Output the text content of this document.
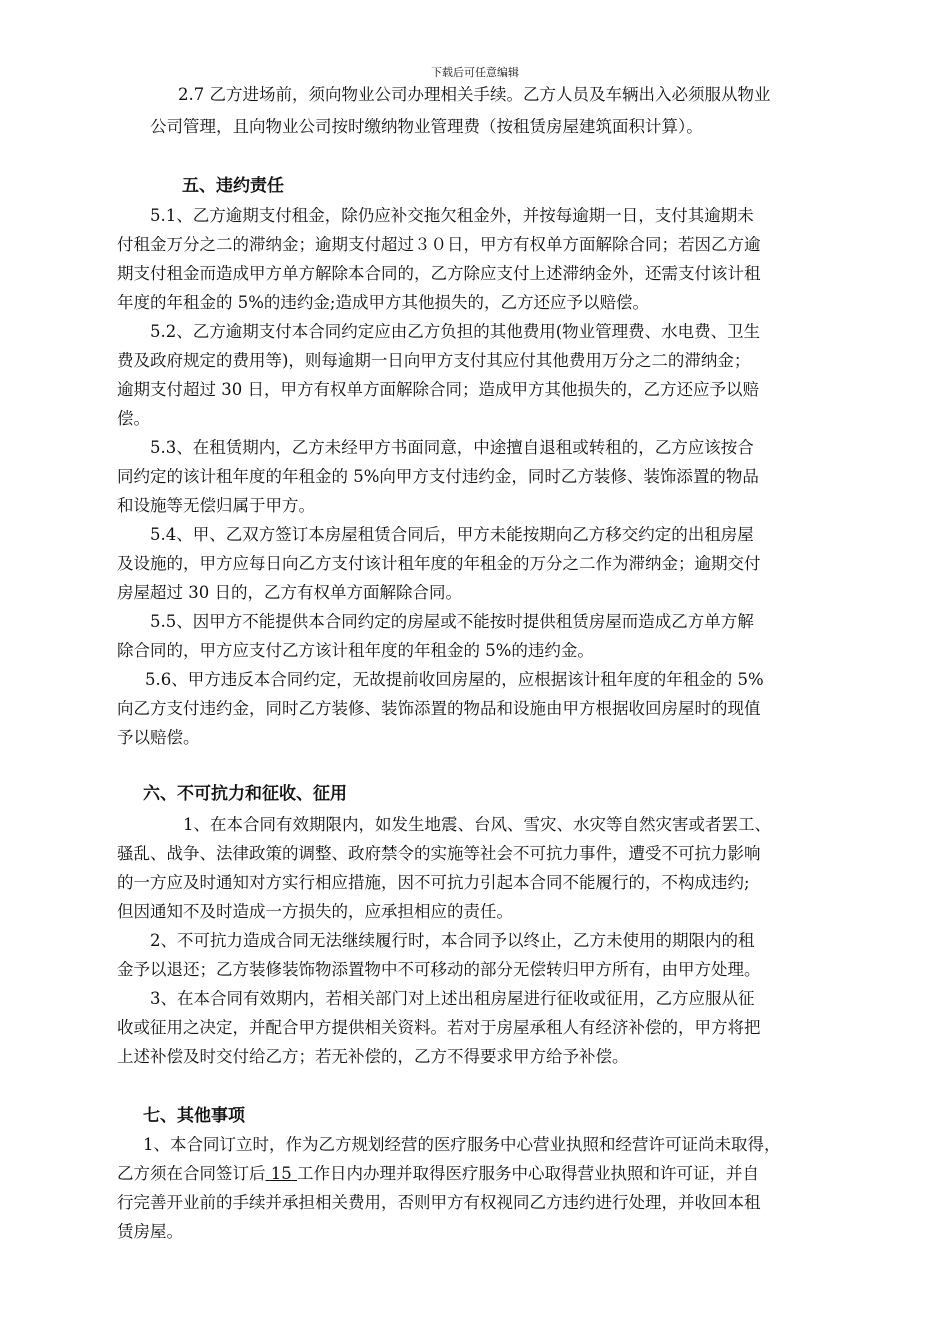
下载后可任意编辑
2.7 乙方进场前，须向物业公司办理相关手续。乙方人员及车辆出入必须服从物业
公司管理，且向物业公司按时缴纳物业管理费（按租赁房屋建筑面积计算）。
五、违约责任
5.1、乙方逾期支付租金，除仍应补交拖欠租金外，并按每逾期一日，支付其逾期未
付租金万分之二的滞纳金；逾期支付超过３０日，甲方有权单方面解除合同；若因乙方逾
期支付租金而造成甲方单方解除本合同的，乙方除应支付上述滞纳金外，还需支付该计租
年度的年租金的 5%的违约金;造成甲方其他损失的，乙方还应予以赔偿。
5.2、乙方逾期支付本合同约定应由乙方负担的其他费用(物业管理费、水电费、卫生
费及政府规定的费用等)，则每逾期一日向甲方支付其应付其他费用万分之二的滞纳金；
逾期支付超过 30 日，甲方有权单方面解除合同；造成甲方其他损失的，乙方还应予以赔
偿。
5.3、在租赁期内，乙方未经甲方书面同意，中途擅自退租或转租的，乙方应该按合
同约定的该计租年度的年租金的 5%向甲方支付违约金，同时乙方装修、装饰添置的物品
和设施等无偿归属于甲方。
5.4、甲、乙双方签订本房屋租赁合同后，甲方未能按期向乙方移交约定的出租房屋
及设施的，甲方应每日向乙方支付该计租年度的年租金的万分之二作为滞纳金；逾期交付
房屋超过 30 日的，乙方有权单方面解除合同。
5.5、因甲方不能提供本合同约定的房屋或不能按时提供租赁房屋而造成乙方单方解
除合同的，甲方应支付乙方该计租年度的年租金的 5%的违约金。
5.6、甲方违反本合同约定，无故提前收回房屋的，应根据该计租年度的年租金的 5%
向乙方支付违约金，同时乙方装修、装饰添置的物品和设施由甲方根据收回房屋时的现值
予以赔偿。
六、不可抗力和征收、征用
1、在本合同有效期限内，如发生地震、台风、雪灾、水灾等自然灾害或者罢工、
骚乱、战争、法律政策的调整、政府禁令的实施等社会不可抗力事件，遭受不可抗力影响
的一方应及时通知对方实行相应措施，因不可抗力引起本合同不能履行的，不构成违约;
但因通知不及时造成一方损失的，应承担相应的责任。
2、不可抗力造成合同无法继续履行时，本合同予以终止，乙方未使用的期限内的租
金予以退还；乙方装修装饰物添置物中不可移动的部分无偿转归甲方所有，由甲方处理。
3、在本合同有效期内，若相关部门对上述出租房屋进行征收或征用，乙方应服从征
收或征用之决定，并配合甲方提供相关资料。若对于房屋承租人有经济补偿的，甲方将把
上述补偿及时交付给乙方；若无补偿的，乙方不得要求甲方给予补偿。
七、其他事项
1、本合同订立时，作为乙方规划经营的医疗服务中心营业执照和经营许可证尚未取得，
乙方须在合同签订后 15 工作日内办理并取得医疗服务中心取得营业执照和许可证，并自
行完善开业前的手续并承担相关费用，否则甲方有权视同乙方违约进行处理，并收回本租
赁房屋。
